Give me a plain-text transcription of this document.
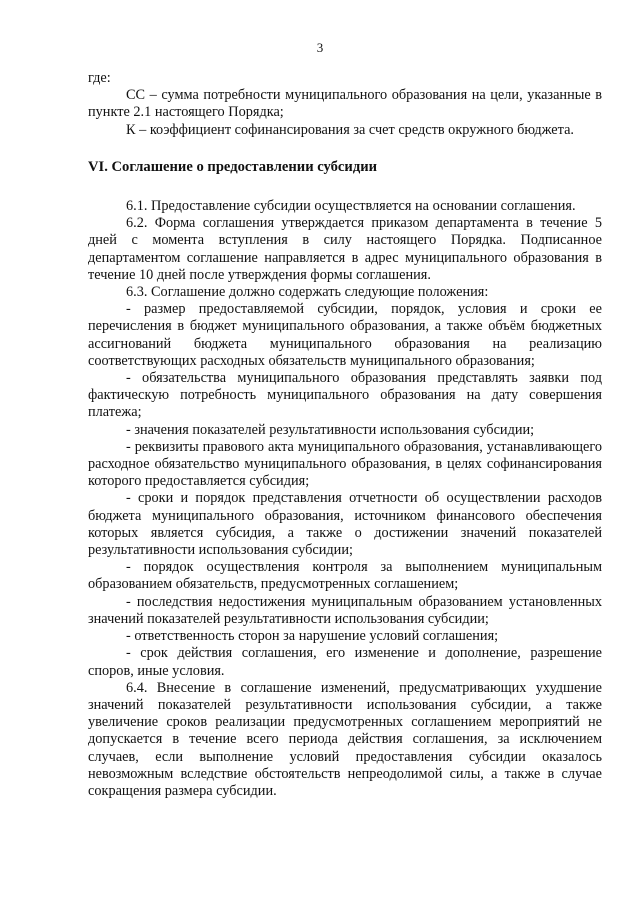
3

где:

СС – сумма потребности муниципального образования на цели, указанные в пункте 2.1 настоящего Порядка;

К – коэффициент софинансирования за счет средств окружного бюджета.

VI. Соглашение о предоставлении субсидии

6.1. Предоставление субсидии осуществляется на основании соглашения.

6.2. Форма соглашения утверждается приказом департамента в течение 5 дней с момента вступления в силу настоящего Порядка. Подписанное департаментом соглашение направляется в адрес муниципального образования в течение 10 дней после утверждения формы соглашения.

6.3. Соглашение должно содержать следующие положения:

- размер предоставляемой субсидии, порядок, условия и сроки ее перечисления в бюджет муниципального образования, а также объём бюджетных ассигнований бюджета муниципального образования на реализацию соответствующих расходных обязательств муниципального образования;

- обязательства муниципального образования представлять заявки под фактическую потребность муниципального образования на дату совершения платежа;

- значения показателей результативности использования субсидии;

- реквизиты правового акта муниципального образования, устанавливающего расходное обязательство муниципального образования, в целях софинансирования которого предоставляется субсидия;

- сроки и порядок представления отчетности об осуществлении расходов бюджета муниципального образования, источником финансового обеспечения которых является субсидия, а также о достижении значений показателей результативности использования субсидии;

- порядок осуществления контроля за выполнением муниципальным образованием обязательств, предусмотренных соглашением;

- последствия недостижения муниципальным образованием установленных значений показателей результативности использования субсидии;

- ответственность сторон за нарушение условий соглашения;

- срок действия соглашения, его изменение и дополнение, разрешение споров, иные условия.

6.4. Внесение в соглашение изменений, предусматривающих ухудшение значений показателей результативности использования субсидии, а также увеличение сроков реализации предусмотренных соглашением мероприятий не допускается в течение всего периода действия соглашения, за исключением случаев, если выполнение условий предоставления субсидии оказалось невозможным вследствие обстоятельств непреодолимой силы, а также в случае сокращения размера субсидии.
